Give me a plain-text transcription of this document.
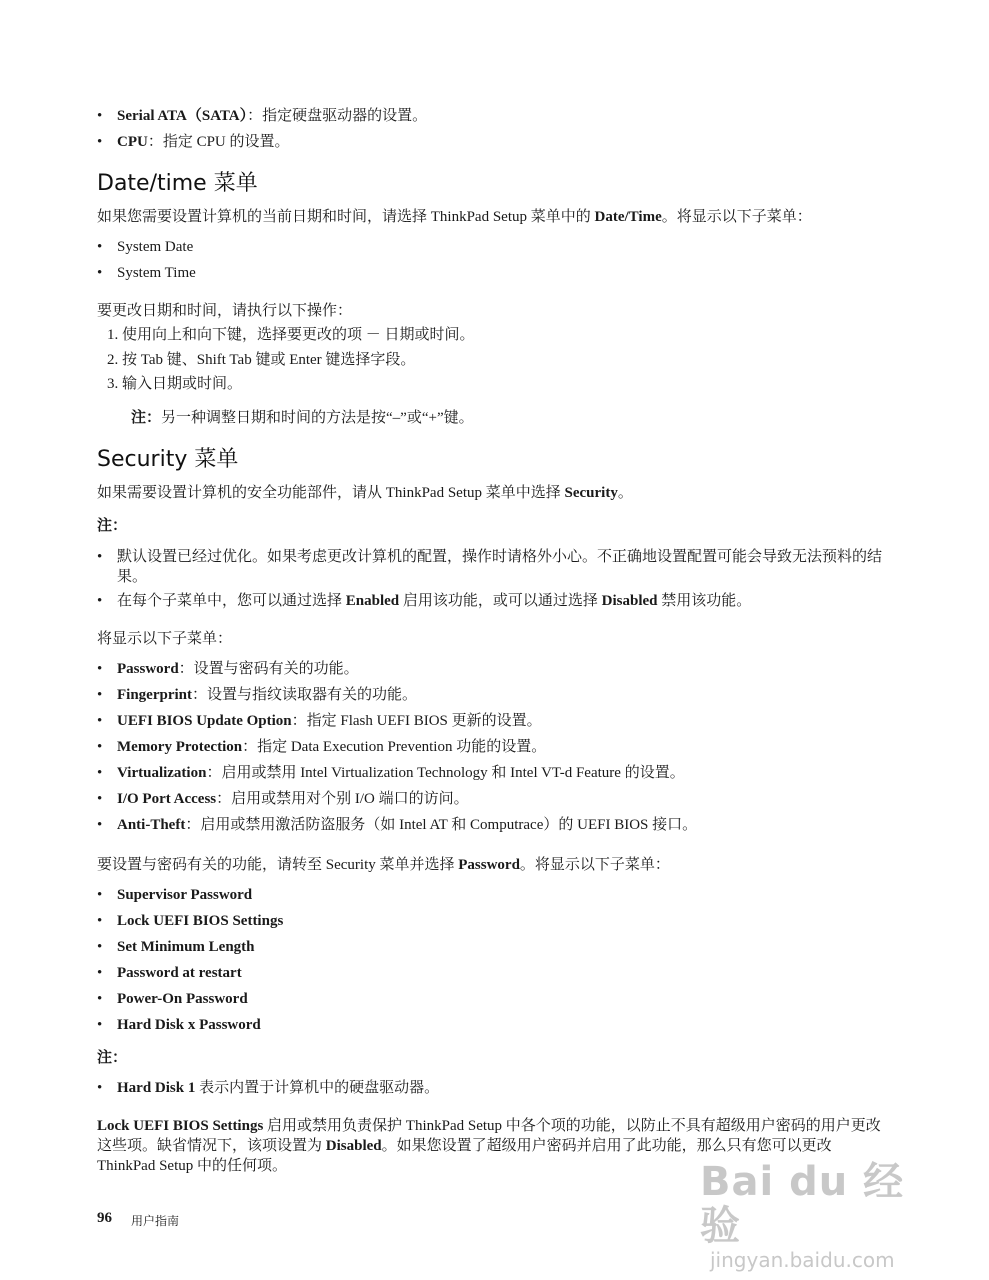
• Serial ATA（SATA）：指定硬盘驱动器的设置。
• CPU：指定 CPU 的设置。
Date/time 菜单
如果您需要设置计算机的当前日期和时间，请选择 ThinkPad Setup 菜单中的 Date/Time。将显示以下子菜单：
• System Date
• System Time
要更改日期和时间，请执行以下操作：
1. 使用向上和向下键，选择要更改的项 － 日期或时间。
2. 按 Tab 键、Shift Tab 键或 Enter 键选择字段。
3. 输入日期或时间。
注：另一种调整日期和时间的方法是按“–”或“+”键。
Security 菜单
如果需要设置计算机的安全功能部件，请从 ThinkPad Setup 菜单中选择 Security。
注：
• 默认设置已经过优化。如果考虑更改计算机的配置，操作时请格外小心。不正确地设置配置可能会导致无法预料的结果。
• 在每个子菜单中，您可以通过选择 Enabled 启用该功能，或可以通过选择 Disabled 禁用该功能。
将显示以下子菜单：
• Password：设置与密码有关的功能。
• Fingerprint：设置与指纹读取器有关的功能。
• UEFI BIOS Update Option：指定 Flash UEFI BIOS 更新的设置。
• Memory Protection：指定 Data Execution Prevention 功能的设置。
• Virtualization：启用或禁用 Intel Virtualization Technology 和 Intel VT-d Feature 的设置。
• I/O Port Access：启用或禁用对个别 I/O 端口的访问。
• Anti-Theft：启用或禁用激活防盗服务（如 Intel AT 和 Computrace）的 UEFI BIOS 接口。
要设置与密码有关的功能，请转至 Security 菜单并选择 Password。将显示以下子菜单：
• Supervisor Password
• Lock UEFI BIOS Settings
• Set Minimum Length
• Password at restart
• Power-On Password
• Hard Disk x Password
注：
• Hard Disk 1 表示内置于计算机中的硬盘驱动器。
Lock UEFI BIOS Settings 启用或禁用负责保护 ThinkPad Setup 中各个项的功能，以防止不具有超级用户密码的用户更改这些项。缺省情况下，该项设置为 Disabled。如果您设置了超级用户密码并启用了此功能，那么只有您可以更改 ThinkPad Setup 中的任何项。
96 用户指南
Bai du 经验
jingyan.baidu.com
